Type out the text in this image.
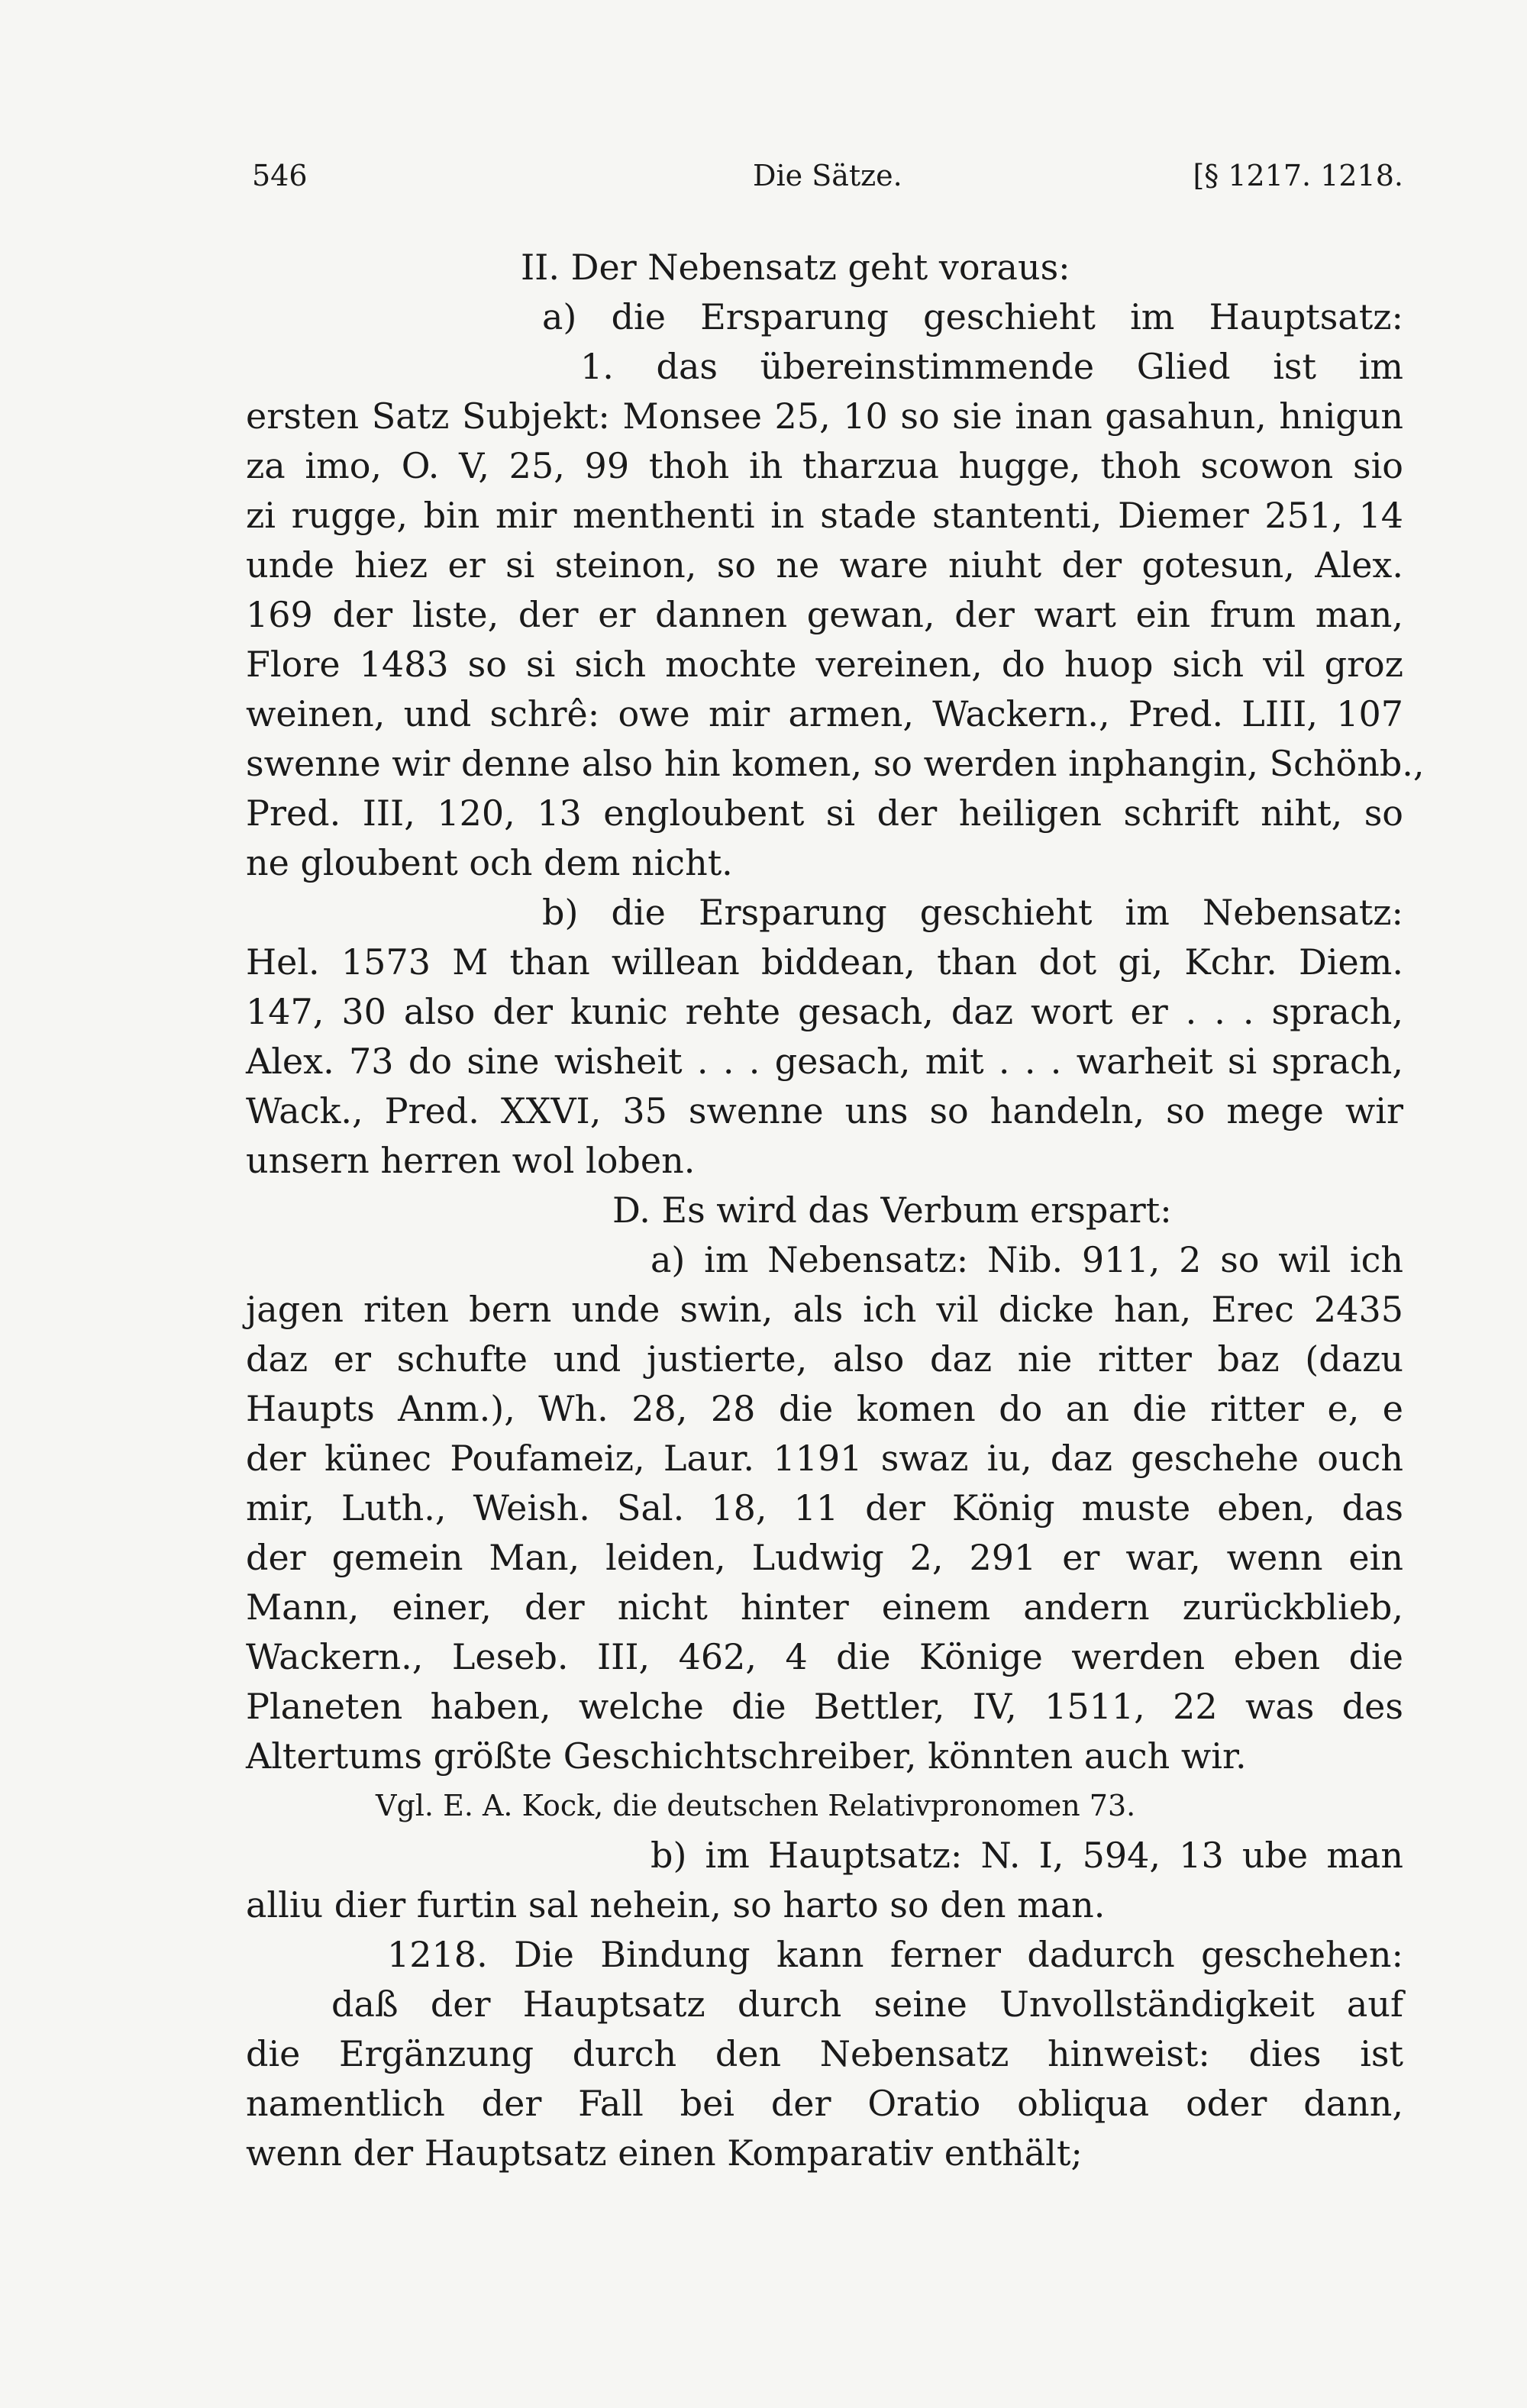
546	Die Sätze.	[§ 1217. 1218.
II. Der Nebensatz geht voraus:
a) die Ersparung geschieht im Hauptsatz:
1. das übereinstimmende Glied ist im
ersten Satz Subjekt: Monsee 25, 10 so sie inan gasahun, hnigun
za imo, O. V, 25, 99 thoh ih tharzua hugge, thoh scowon sio
zi rugge, bin mir menthenti in stade stantenti, Diemer 251, 14
unde hiez er si steinon, so ne ware niuht der gotesun, Alex.
169 der liste, der er dannen gewan, der wart ein frum man,
Flore 1483 so si sich mochte vereinen, do huop sich vil groz
weinen, und schrê: owe mir armen, Wackern., Pred. LIII, 107
swenne wir denne also hin komen, so werden inphangin, Schönb.,
Pred. III, 120, 13 engloubent si der heiligen schrift niht, so
ne gloubent och dem nicht.
b) die Ersparung geschieht im Nebensatz:
Hel. 1573 M than willean biddean, than dot gi, Kchr. Diem.
147, 30 also der kunic rehte gesach, daz wort er . . . sprach,
Alex. 73 do sine wisheit . . . gesach, mit . . . warheit si sprach,
Wack., Pred. XXVI, 35 swenne uns so handeln, so mege wir
unsern herren wol loben.
D. Es wird das Verbum erspart:
a) im Nebensatz: Nib. 911, 2 so wil ich
jagen riten bern unde swin, als ich vil dicke han, Erec 2435
daz er schufte und justierte, also daz nie ritter baz (dazu
Haupts Anm.), Wh. 28, 28 die komen do an die ritter e, e
der künec Poufameiz, Laur. 1191 swaz iu, daz geschehe ouch
mir, Luth., Weish. Sal. 18, 11 der König muste eben, das
der gemein Man, leiden, Ludwig 2, 291 er war, wenn ein
Mann, einer, der nicht hinter einem andern zurückblieb,
Wackern., Leseb. III, 462, 4 die Könige werden eben die
Planeten haben, welche die Bettler, IV, 1511, 22 was des
Altertums größte Geschichtschreiber, könnten auch wir.
Vgl. E. A. Kock, die deutschen Relativpronomen 73.
b) im Hauptsatz: N. I, 594, 13 ube man
alliu dier furtin sal nehein, so harto so den man.
1218. Die Bindung kann ferner dadurch geschehen:
daß der Hauptsatz durch seine Unvollständigkeit auf
die Ergänzung durch den Nebensatz hinweist: dies ist
namentlich der Fall bei der Oratio obliqua oder dann,
wenn der Hauptsatz einen Komparativ enthält;
